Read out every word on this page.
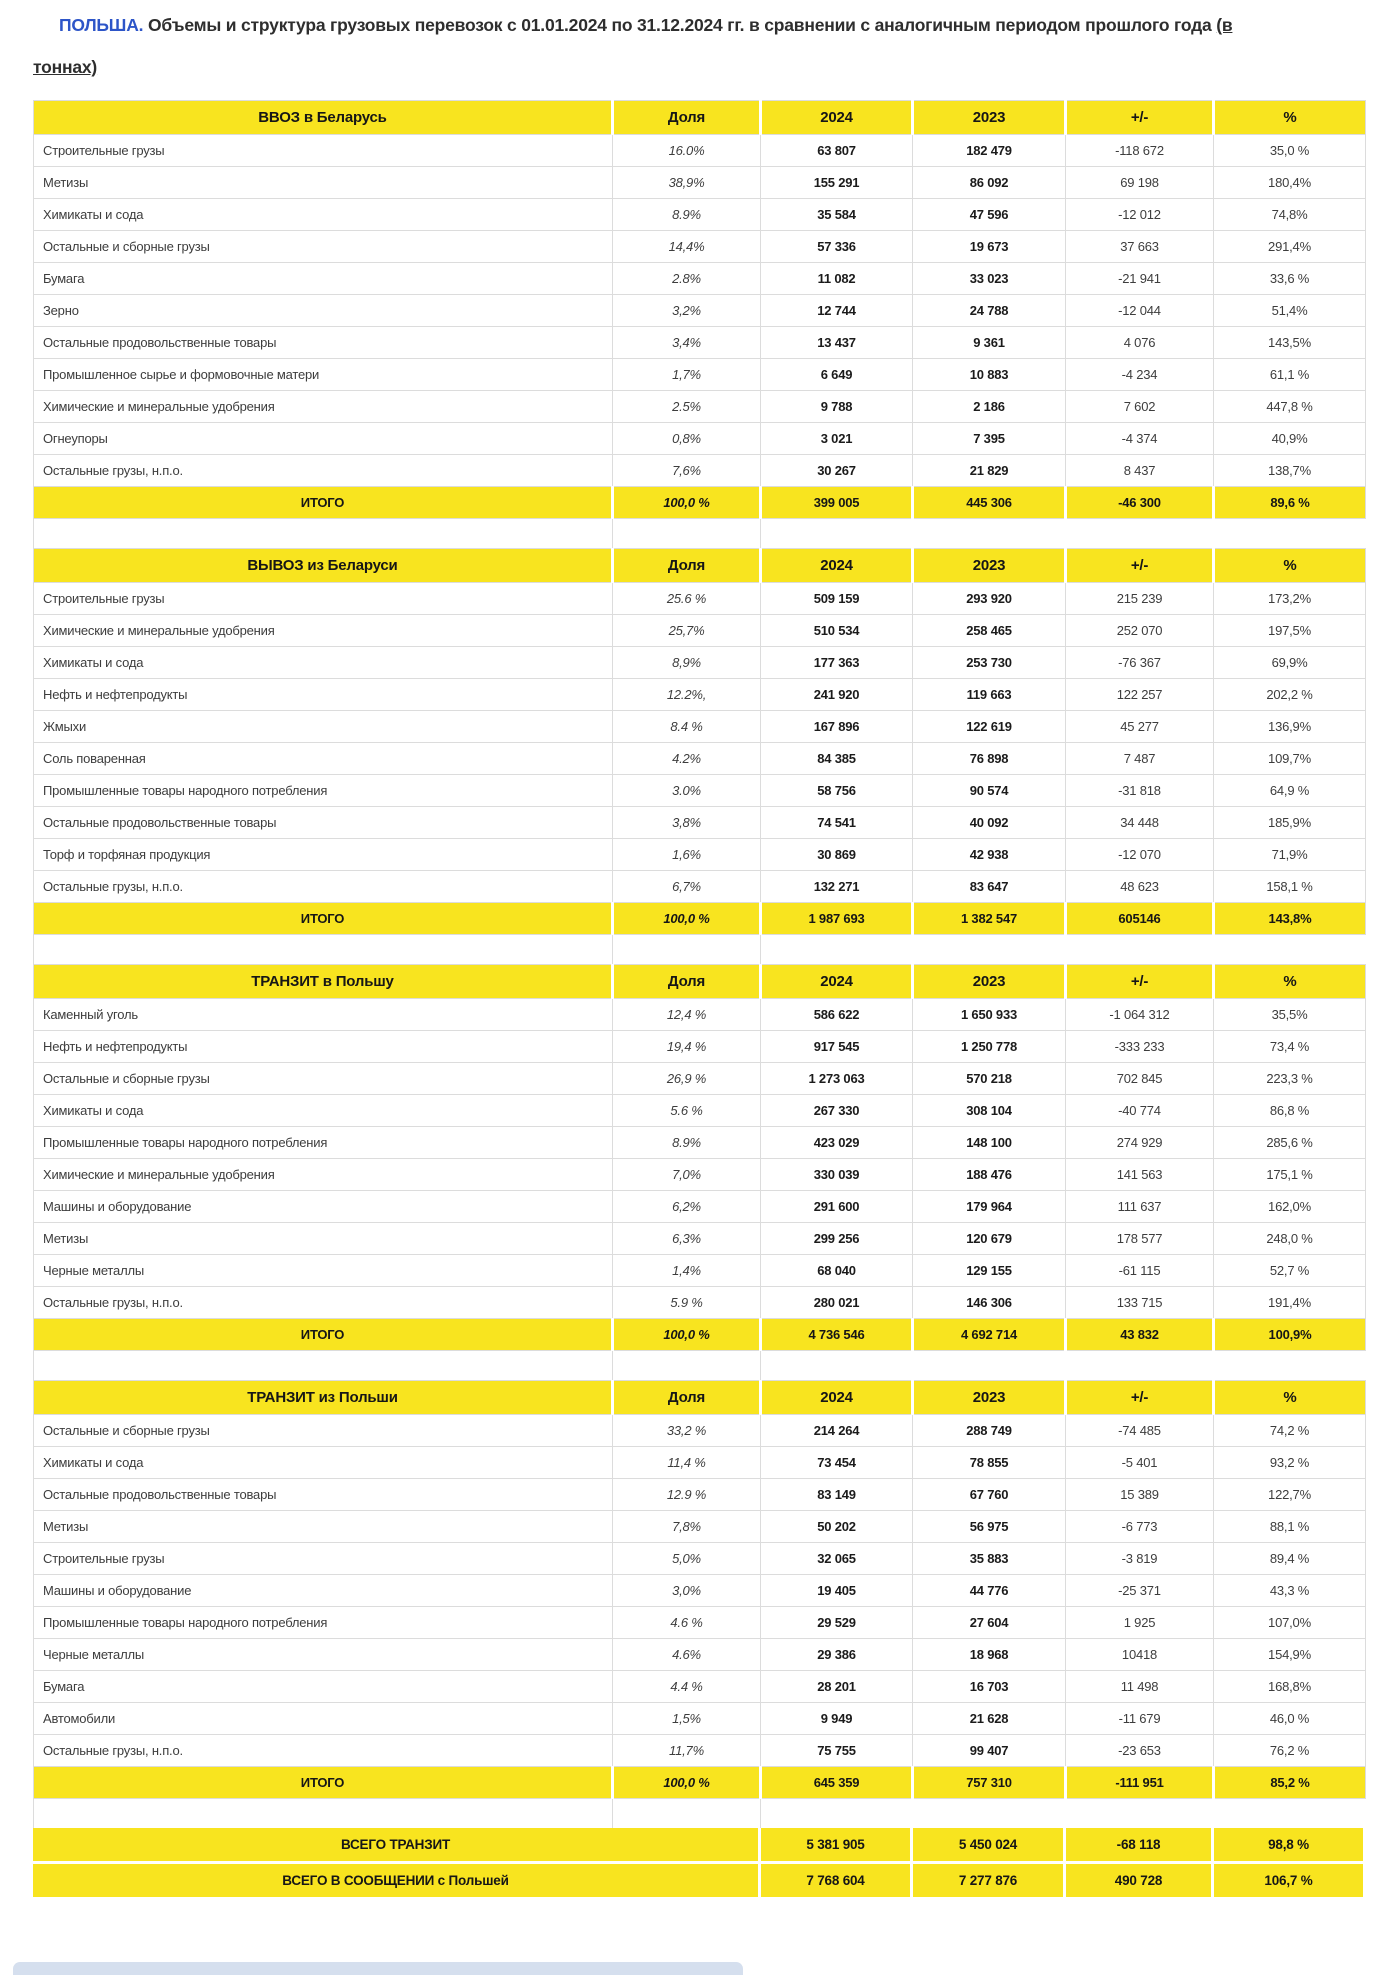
ПОЛЬША. Объемы и структура грузовых перевозок с 01.01.2024 по 31.12.2024 гг. в сравнении с аналогичным периодом прошлого года (в
тоннах)
ВВОЗ в Беларусь	Доля	2024	2023	+/-	%
Строительные грузы	16.0%	63 807	182 479	-118 672	35,0 %
Метизы	38,9%	155 291	86 092	69 198	180,4%
Химикаты и сода	8.9%	35 584	47 596	-12 012	74,8%
Остальные и сборные грузы	14,4%	57 336	19 673	37 663	291,4%
Бумага	2.8%	11 082	33 023	-21 941	33,6 %
Зерно	3,2%	12 744	24 788	-12 044	51,4%
Остальные продовольственные товары	3,4%	13 437	9 361	4 076	143,5%
Промышленное сырье и формовочные матери	1,7%	6 649	10 883	-4 234	61,1 %
Химические и минеральные удобрения	2.5%	9 788	2 186	7 602	447,8 %
Огнеупоры	0,8%	3 021	7 395	-4 374	40,9%
Остальные грузы, н.п.о.	7,6%	30 267	21 829	8 437	138,7%
ИТОГО	100,0 %	399 005	445 306	-46 300	89,6 %
ВЫВОЗ из Беларуси	Доля	2024	2023	+/-	%
Строительные грузы	25.6 %	509 159	293 920	215 239	173,2%
Химические и минеральные удобрения	25,7%	510 534	258 465	252 070	197,5%
Химикаты и сода	8,9%	177 363	253 730	-76 367	69,9%
Нефть и нефтепродукты	12.2%,	241 920	119 663	122 257	202,2 %
Жмыхи	8.4 %	167 896	122 619	45 277	136,9%
Соль поваренная	4.2%	84 385	76 898	7 487	109,7%
Промышленные товары народного потребления	3.0%	58 756	90 574	-31 818	64,9 %
Остальные продовольственные товары	3,8%	74 541	40 092	34 448	185,9%
Торф и торфяная продукция	1,6%	30 869	42 938	-12 070	71,9%
Остальные грузы, н.п.о.	6,7%	132 271	83 647	48 623	158,1 %
ИТОГО	100,0 %	1 987 693	1 382 547	605146	143,8%
ТРАНЗИТ в Польшу	Доля	2024	2023	+/-	%
Каменный уголь	12,4 %	586 622	1 650 933	-1 064 312	35,5%
Нефть и нефтепродукты	19,4 %	917 545	1 250 778	-333 233	73,4 %
Остальные и сборные грузы	26,9 %	1 273 063	570 218	702 845	223,3 %
Химикаты и сода	5.6 %	267 330	308 104	-40 774	86,8 %
Промышленные товары народного потребления	8.9%	423 029	148 100	274 929	285,6 %
Химические и минеральные удобрения	7,0%	330 039	188 476	141 563	175,1 %
Машины и оборудование	6,2%	291 600	179 964	111 637	162,0%
Метизы	6,3%	299 256	120 679	178 577	248,0 %
Черные металлы	1,4%	68 040	129 155	-61 115	52,7 %
Остальные грузы, н.п.о.	5.9 %	280 021	146 306	133 715	191,4%
ИТОГО	100,0 %	4 736 546	4 692 714	43 832	100,9%
ТРАНЗИТ из Польши	Доля	2024	2023	+/-	%
Остальные и сборные грузы	33,2 %	214 264	288 749	-74 485	74,2 %
Химикаты и сода	11,4 %	73 454	78 855	-5 401	93,2 %
Остальные продовольственные товары	12.9 %	83 149	67 760	15 389	122,7%
Метизы	7,8%	50 202	56 975	-6 773	88,1 %
Строительные грузы	5,0%	32 065	35 883	-3 819	89,4 %
Машины и оборудование	3,0%	19 405	44 776	-25 371	43,3 %
Промышленные товары народного потребления	4.6 %	29 529	27 604	1 925	107,0%
Черные металлы	4.6%	29 386	18 968	10418	154,9%
Бумага	4.4 %	28 201	16 703	11 498	168,8%
Автомобили	1,5%	9 949	21 628	-11 679	46,0 %
Остальные грузы, н.п.о.	11,7%	75 755	99 407	-23 653	76,2 %
ИТОГО	100,0 %	645 359	757 310	-111 951	85,2 %
ВСЕГО ТРАНЗИТ	5 381 905	5 450 024	-68 118	98,8 %
ВСЕГО В СООБЩЕНИИ с Польшей	7 768 604	7 277 876	490 728	106,7 %
